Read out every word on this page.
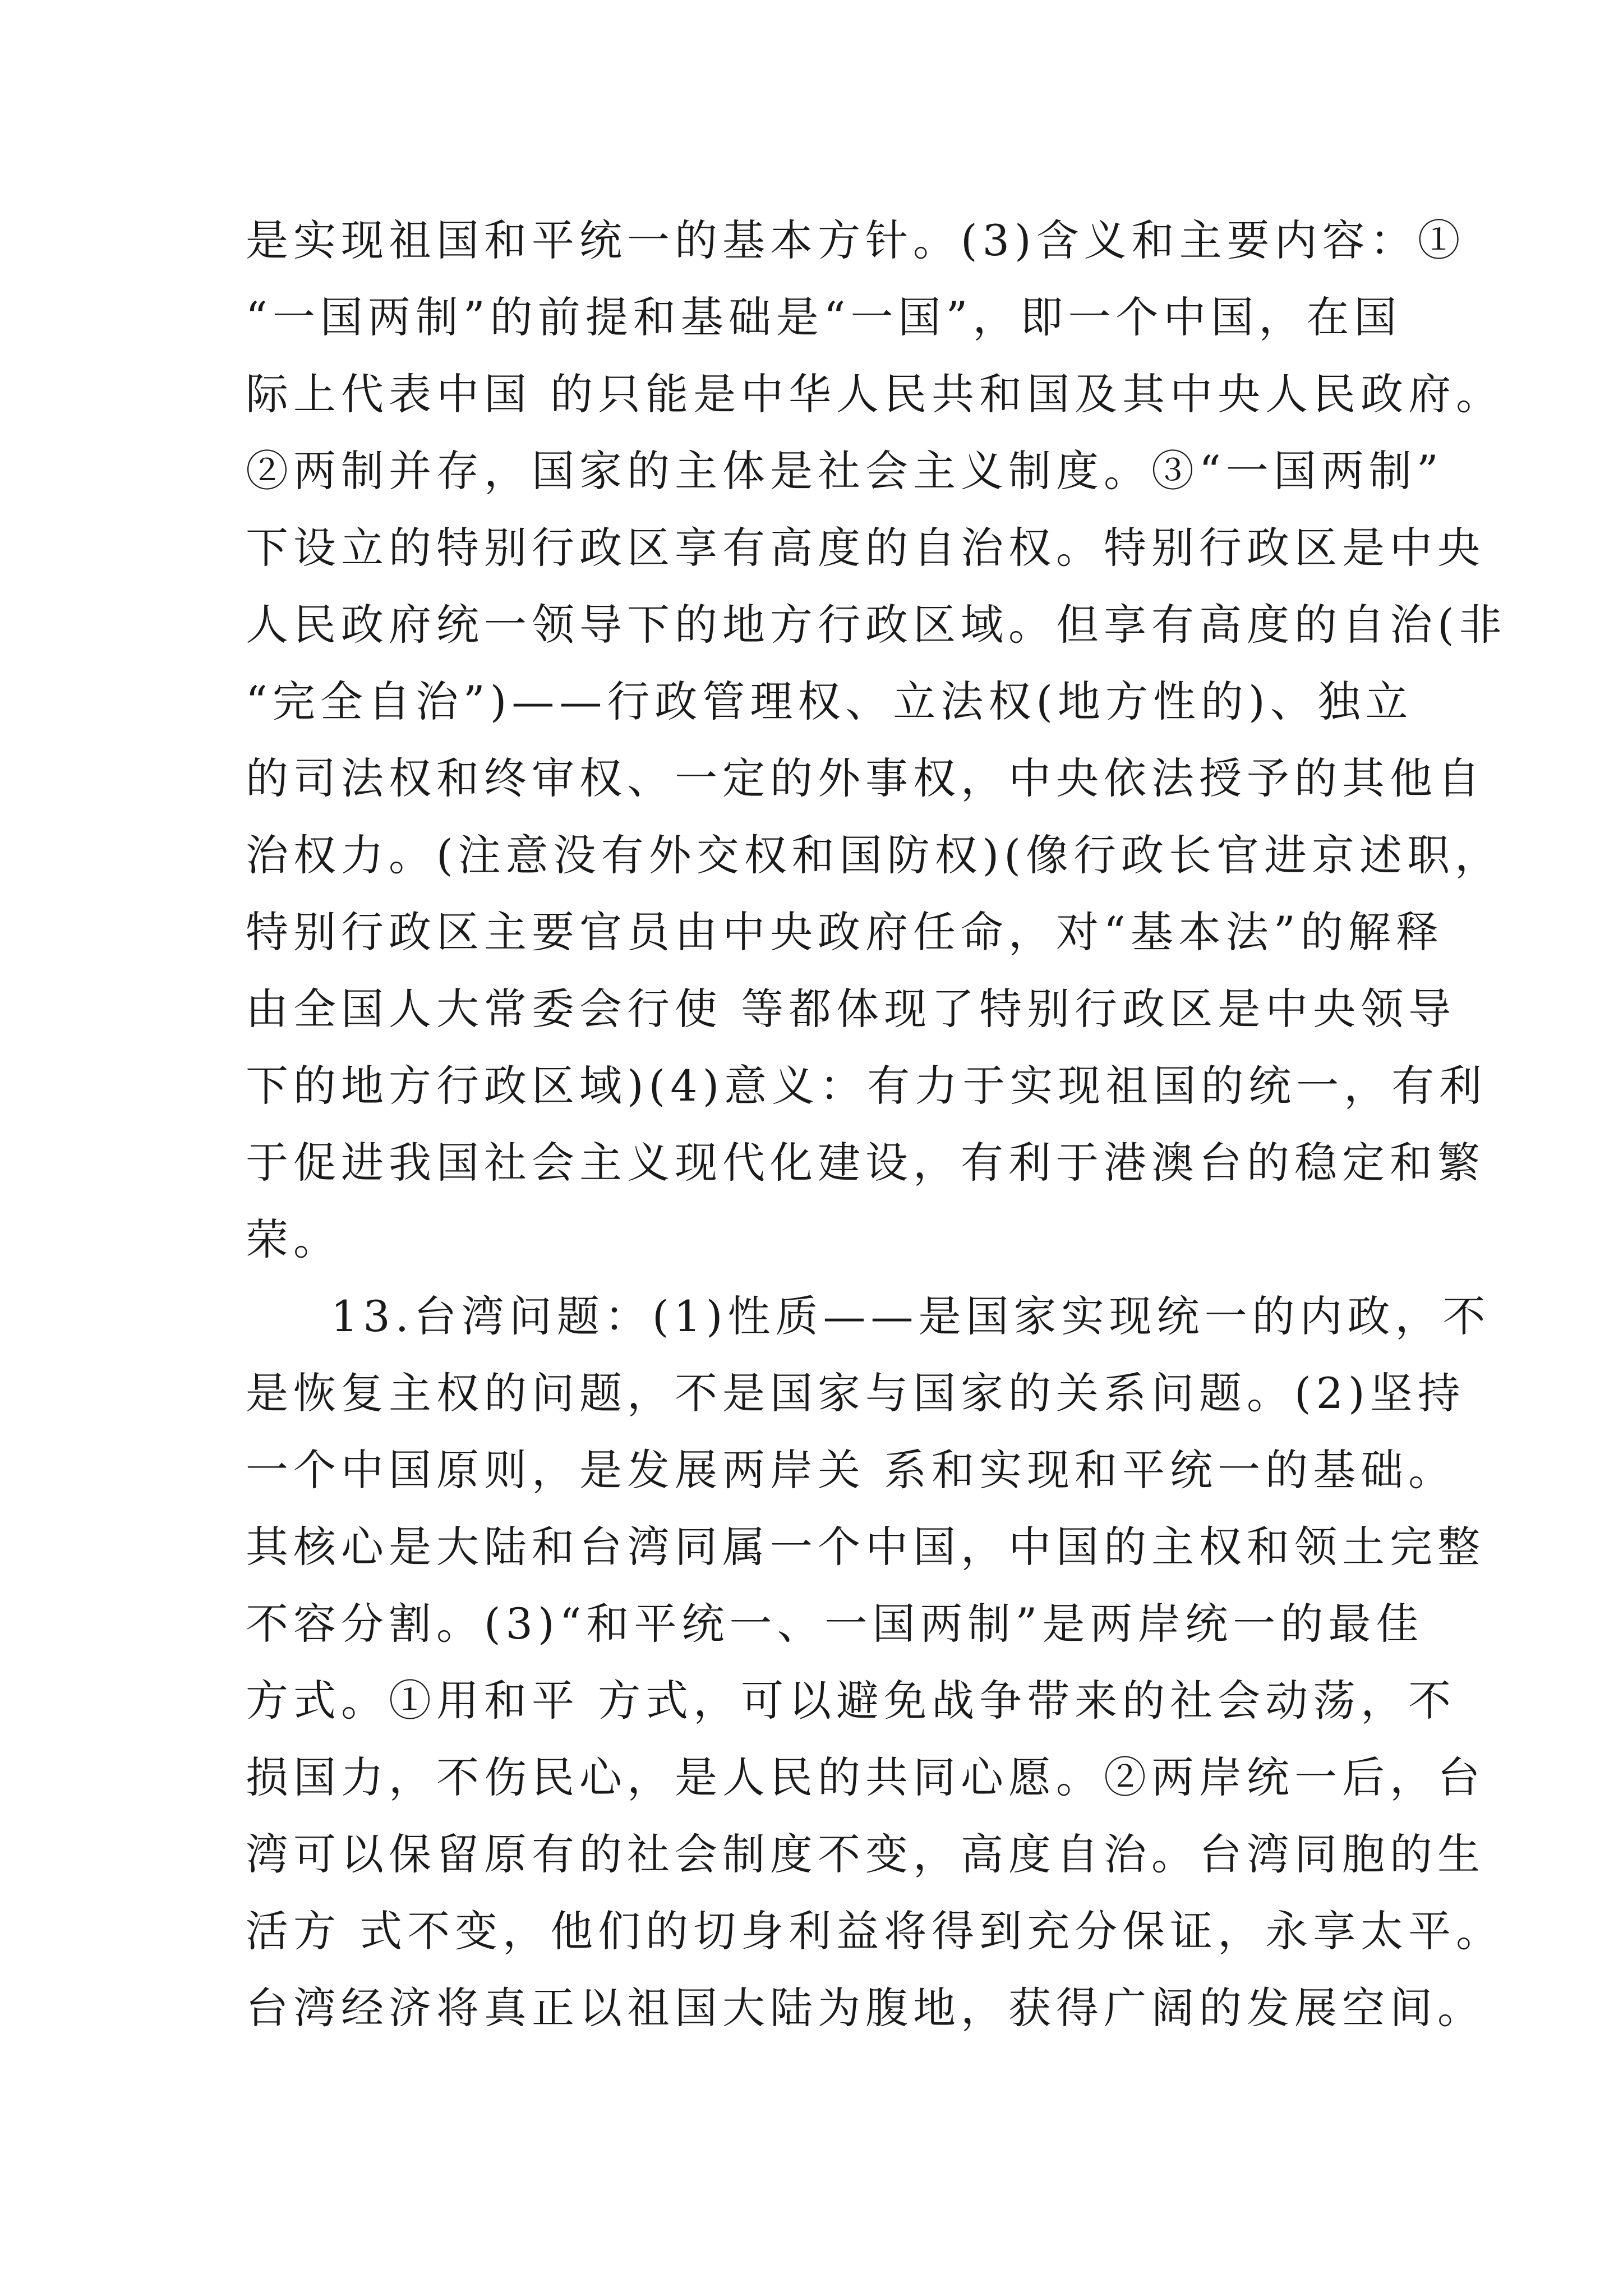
是实现祖国和平统一的基本方针。(3)含义和主要内容：①
“一国两制”的前提和基础是“一国”，即一个中国，在国
际上代表中国 的只能是中华人民共和国及其中央人民政府。
②两制并存，国家的主体是社会主义制度。③“一国两制”
下设立的特别行政区享有高度的自治权。特别行政区是中央
人民政府统一领导下的地方行政区域。但享有高度的自治(非
“完全自治”)——行政管理权、立法权(地方性的)、独立
的司法权和终审权、一定的外事权，中央依法授予的其他自
治权力。(注意没有外交权和国防权)(像行政长官进京述职，
特别行政区主要官员由中央政府任命，对“基本法”的解释
由全国人大常委会行使 等都体现了特别行政区是中央领导
下的地方行政区域)(4)意义：有力于实现祖国的统一，有利
于促进我国社会主义现代化建设，有利于港澳台的稳定和繁
荣。
13.台湾问题：(1)性质——是国家实现统一的内政，不
是恢复主权的问题，不是国家与国家的关系问题。(2)坚持
一个中国原则，是发展两岸关 系和实现和平统一的基础。
其核心是大陆和台湾同属一个中国，中国的主权和领土完整
不容分割。(3)“和平统一、一国两制”是两岸统一的最佳
方式。①用和平 方式，可以避免战争带来的社会动荡，不
损国力，不伤民心，是人民的共同心愿。②两岸统一后，台
湾可以保留原有的社会制度不变，高度自治。台湾同胞的生
活方 式不变，他们的切身利益将得到充分保证，永享太平。
台湾经济将真正以祖国大陆为腹地，获得广阔的发展空间。
